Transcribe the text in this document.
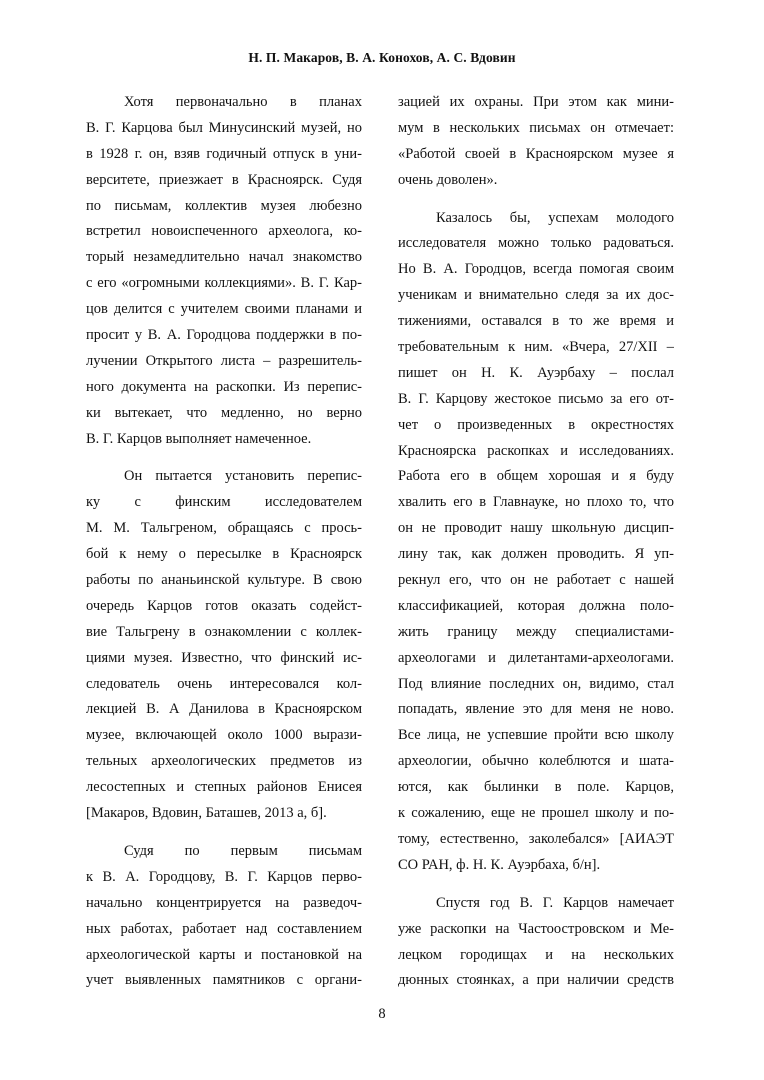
Н. П. Макаров, В. А. Конохов, А. С. Вдовин
Хотя первоначально в планах
В. Г. Карцова был Минусинский музей, но
в 1928 г. он, взяв годичный отпуск в уни-
верситете, приезжает в Красноярск. Судя
по письмам, коллектив музея любезно
встретил новоиспеченного археолога, ко-
торый незамедлительно начал знакомство
с его «огромными коллекциями». В. Г. Кар-
цов делится с учителем своими планами и
просит у В. А. Городцова поддержки в по-
лучении Открытого листа – разрешитель-
ного документа на раскопки. Из перепис-
ки вытекает, что медленно, но верно
В. Г. Карцов выполняет намеченное.
Он пытается установить перепис-
ку с финским исследователем
М. М. Тальгреном, обращаясь с прось-
бой к нему о пересылке в Красноярск
работы по ананьинской культуре. В свою
очередь Карцов готов оказать содейст-
вие Тальгрену в ознакомлении с коллек-
циями музея. Известно, что финский ис-
следователь очень интересовался кол-
лекцией В. А Данилова в Красноярском
музее, включающей около 1000 вырази-
тельных археологических предметов из
лесостепных и степных районов Енисея
[Макаров, Вдовин, Баташев, 2013 а, б].
Судя по первым письмам
к В. А. Городцову, В. Г. Карцов перво-
начально концентрируется на разведоч-
ных работах, работает над составлением
археологической карты и постановкой на
учет выявленных памятников с органи-
зацией их охраны. При этом как мини-
мум в нескольких письмах он отмечает:
«Работой своей в Красноярском музее я
очень доволен».
Казалось бы, успехам молодого
исследователя можно только радоваться.
Но В. А. Городцов, всегда помогая своим
ученикам и внимательно следя за их дос-
тижениями, оставался в то же время и
требовательным к ним. «Вчера, 27/XII –
пишет он Н. К. Ауэрбаху – послал
В. Г. Карцову жестокое письмо за его от-
чет о произведенных в окрестностях
Красноярска раскопках и исследованиях.
Работа его в общем хорошая и я буду
хвалить его в Главнауке, но плохо то, что
он не проводит нашу школьную дисцип-
лину так, как должен проводить. Я уп-
рекнул его, что он не работает с нашей
классификацией, которая должна поло-
жить границу между специалистами-
археологами и дилетантами-археологами.
Под влияние последних он, видимо, стал
попадать, явление это для меня не ново.
Все лица, не успевшие пройти всю школу
археологии, обычно колеблются и шата-
ются, как былинки в поле. Карцов,
к сожалению, еще не прошел школу и по-
тому, естественно, заколебался» [АИАЭТ
СО РАН, ф. Н. К. Ауэрбаха, б/н].
Спустя год В. Г. Карцов намечает
уже раскопки на Частоостровском и Ме-
лецком городищах и на нескольких
дюнных стоянках, а при наличии средств
8
